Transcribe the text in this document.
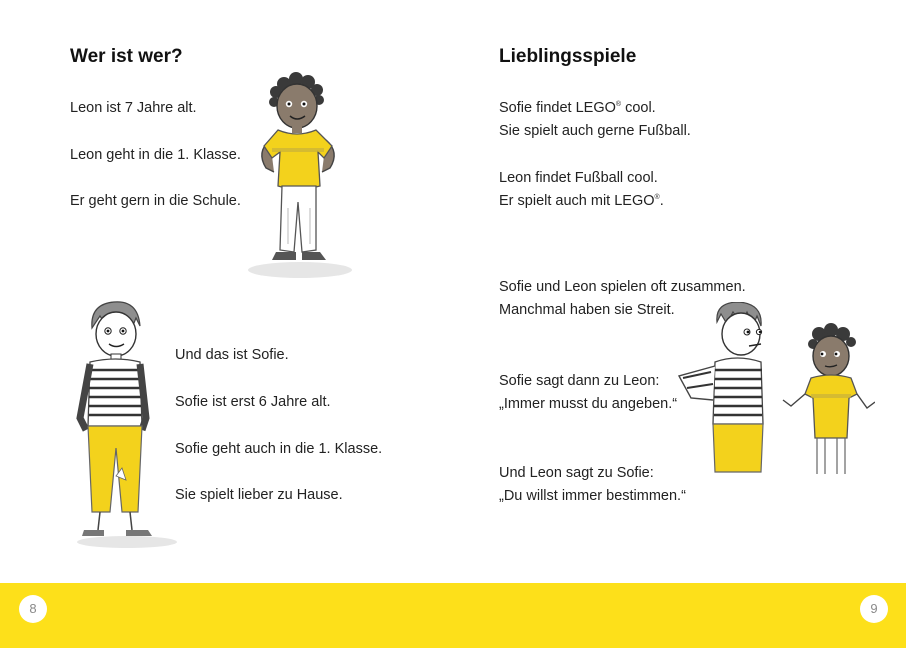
Wer ist wer?

Leon ist 7 Jahre alt.

Leon geht in die 1. Klasse.

Er geht gern in die Schule.

Und das ist Sofie.

Sofie ist erst 6 Jahre alt.

Sofie geht auch in die 1. Klasse.

Sie spielt lieber zu Hause.

8
Lieblingsspiele

Sofie findet LEGO® cool.

Sie spielt auch gerne Fußball.

Leon findet Fußball cool.

Er spielt auch mit LEGO®.

Sofie und Leon spielen oft zusammen.

Manchmal haben sie Streit.

Sofie sagt dann zu Leon:

„Immer musst du angeben.“

Und Leon sagt zu Sofie:

„Du willst immer bestimmen.“

9
